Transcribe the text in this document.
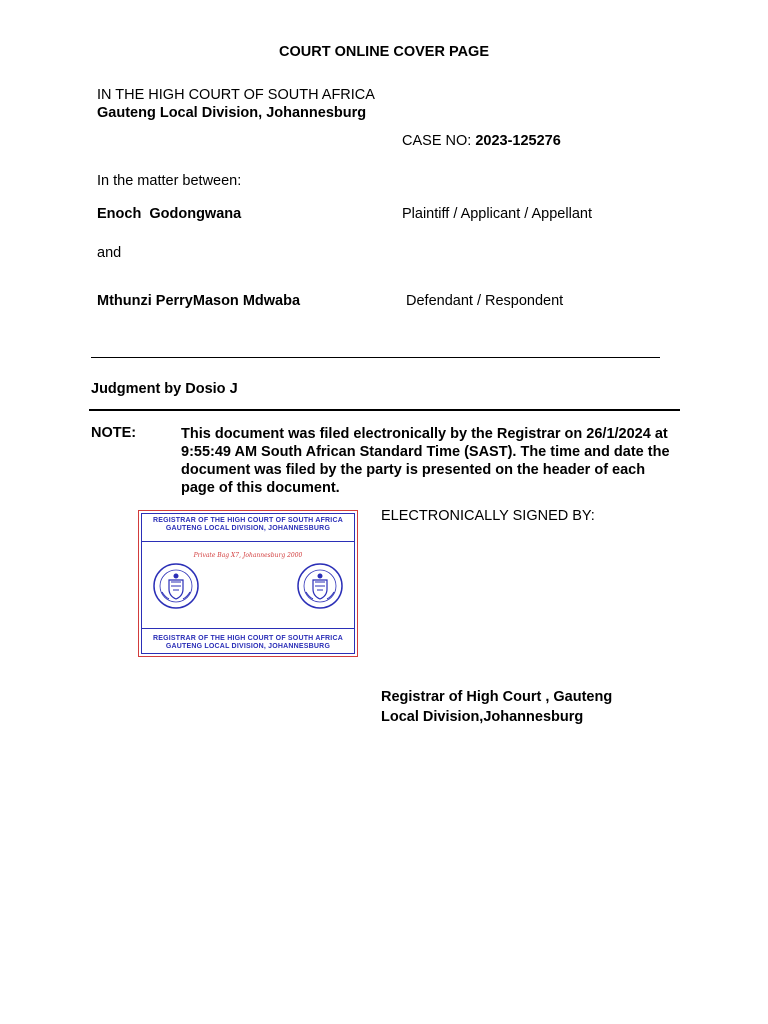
COURT ONLINE COVER PAGE
IN THE HIGH COURT OF SOUTH AFRICA
Gauteng Local Division, Johannesburg
CASE NO: 2023-125276
In the matter between:
Enoch  Godongwana	Plaintiff / Applicant / Appellant
and
Mthunzi PerryMason Mdwaba	Defendant / Respondent
Judgment by Dosio J
NOTE:	This document was filed electronically by the Registrar on 26/1/2024 at 9:55:49 AM South African Standard Time (SAST). The time and date the document was filed by the party is presented on the header of each page of this document.
REGISTRAR OF THE HIGH COURT OF SOUTH AFRICA GAUTENG LOCAL DIVISION, JOHANNESBURG
Private Bag X7, Johannesburg 2000
REGISTRAR OF THE HIGH COURT OF SOUTH AFRICA GAUTENG LOCAL DIVISION, JOHANNESBURG
ELECTRONICALLY SIGNED BY:
Registrar of High Court , Gauteng
Local Division,Johannesburg
